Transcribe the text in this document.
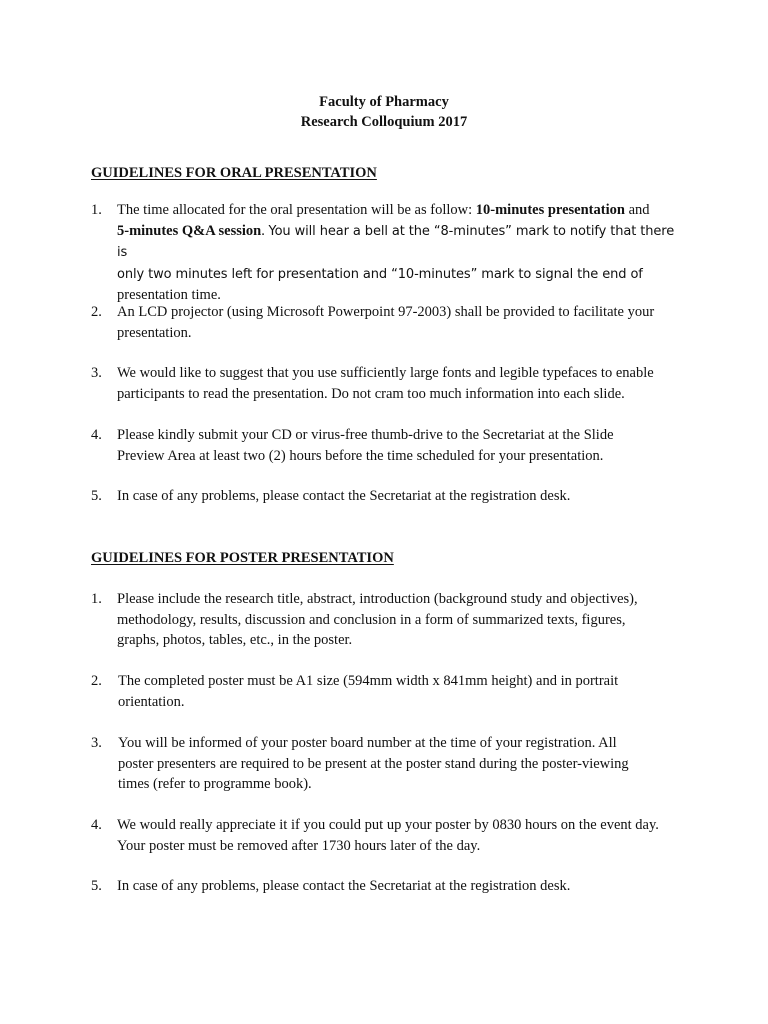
Faculty of Pharmacy
Research Colloquium 2017
GUIDELINES FOR ORAL PRESENTATION
1. The time allocated for the oral presentation will be as follow: 10-minutes presentation and
5-minutes Q&A session. You will hear a bell at the “8-minutes” mark to notify that there is
only two minutes left for presentation and “10-minutes” mark to signal the end of
presentation time.
2. An LCD projector (using Microsoft Powerpoint 97-2003) shall be provided to facilitate your presentation.
3. We would like to suggest that you use sufficiently large fonts and legible typefaces to enable participants to read the presentation. Do not cram too much information into each slide.
4. Please kindly submit your CD or virus-free thumb-drive to the Secretariat at the Slide Preview Area at least two (2) hours before the time scheduled for your presentation.
5. In case of any problems, please contact the Secretariat at the registration desk.
GUIDELINES FOR POSTER PRESENTATION
1. Please include the research title, abstract, introduction (background study and objectives), methodology, results, discussion and conclusion in a form of summarized texts, figures, graphs, photos, tables, etc., in the poster.
2. The completed poster must be A1 size (594mm width x 841mm height) and in portrait orientation.
3. You will be informed of your poster board number at the time of your registration. All poster presenters are required to be present at the poster stand during the poster-viewing times (refer to programme book).
4. We would really appreciate it if you could put up your poster by 0830 hours on the event day. Your poster must be removed after 1730 hours later of the day.
5. In case of any problems, please contact the Secretariat at the registration desk.
